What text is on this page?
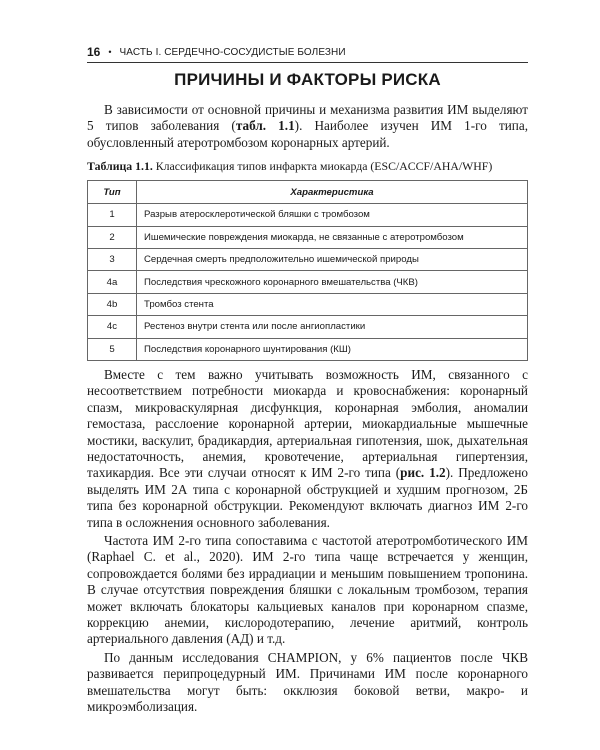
16 • ЧАСТЬ I. СЕРДЕЧНО-СОСУДИСТЫЕ БОЛЕЗНИ
ПРИЧИНЫ И ФАКТОРЫ РИСКА

В зависимости от основной причины и механизма развития ИМ выделяют 5 типов заболевания (табл. 1.1). Наиболее изучен ИМ 1-го типа, обусловленный атеротромбозом коронарных артерий.

Таблица 1.1. Классификация типов инфаркта миокарда (ESC/ACCF/AHA/WHF)
Тип	Характеристика
1	Разрыв атеросклеротической бляшки с тромбозом
2	Ишемические повреждения миокарда, не связанные с атеротромбозом
3	Сердечная смерть предположительно ишемической природы
4a	Последствия чрескожного коронарного вмешательства (ЧКВ)
4b	Тромбоз стента
4c	Рестеноз внутри стента или после ангиопластики
5	Последствия коронарного шунтирования (КШ)

Вместе с тем важно учитывать возможность ИМ, связанного с несоответствием потребности миокарда и кровоснабжения: коронарный спазм, микроваскулярная дисфункция, коронарная эмболия, аномалии гемостаза, расслоение коронарной артерии, миокардиальные мышечные мостики, васкулит, брадикардия, артериальная гипотензия, шок, дыхательная недостаточность, анемия, кровотечение, артериальная гипертензия, тахикардия. Все эти случаи относят к ИМ 2-го типа (рис. 1.2). Предложено выделять ИМ 2А типа с коронарной обструкцией и худшим прогнозом, 2Б типа без коронарной обструкции. Рекомендуют включать диагноз ИМ 2-го типа в осложнения основного заболевания.

Частота ИМ 2-го типа сопоставима с частотой атеротромботического ИМ (Raphael C. et al., 2020). ИМ 2-го типа чаще встречается у женщин, сопровождается болями без иррадиации и меньшим повышением тропонина. В случае отсутствия повреждения бляшки с локальным тромбозом, терапия может включать блокаторы кальциевых каналов при коронарном спазме, коррекцию анемии, кислородотерапию, лечение аритмий, контроль артериального давления (АД) и т.д.

По данным исследования CHAMPION, у 6% пациентов после ЧКВ развивается перипроцедурный ИМ. Причинами ИМ после коронарного вмешательства могут быть: окклюзия боковой ветви, макро- и микроэмболизация.
